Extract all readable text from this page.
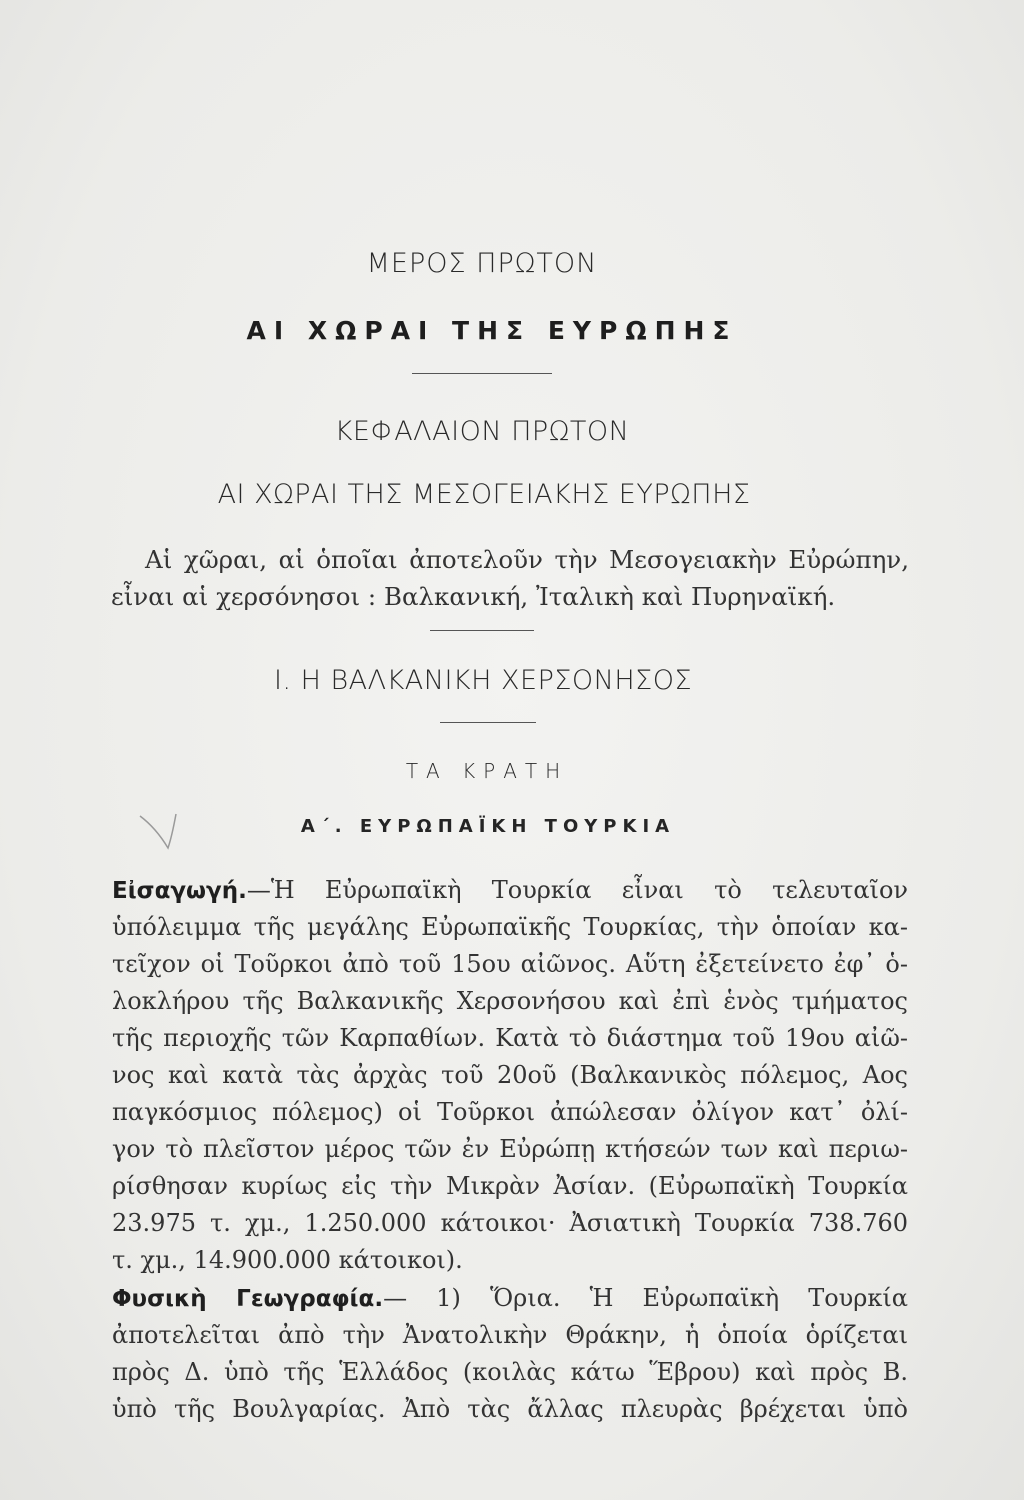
ΜΕΡΟΣ ΠΡΩΤΟΝ
ΑΙ ΧΩΡΑΙ ΤΗΣ ΕΥΡΩΠΗΣ
ΚΕΦΑΛΑΙΟΝ ΠΡΩΤΟΝ
ΑΙ ΧΩΡΑΙ ΤΗΣ ΜΕΣΟΓΕΙΑΚΗΣ ΕΥΡΩΠΗΣ
Αἱ χῶραι, αἱ ὁποῖαι ἀποτελοῦν τὴν Μεσογειακὴν Εὐρώπην,
εἶναι αἱ χερσόνησοι : Βαλκανική, Ἰταλικὴ καὶ Πυρηναϊκή.
Ι. Η ΒΑΛΚΑΝΙΚΗ ΧΕΡΣΟΝΗΣΟΣ
ΤΑ ΚΡΑΤΗ
Α΄. ΕΥΡΩΠΑΪΚΗ ΤΟΥΡΚΙΑ
Εἰσαγωγή.—Ἡ Εὐρωπαϊκὴ Τουρκία εἶναι τὸ τελευταῖον
ὑπόλειμμα τῆς μεγάλης Εὐρωπαϊκῆς Τουρκίας, τὴν ὁποίαν κα-
τεῖχον οἱ Τοῦρκοι ἀπὸ τοῦ 15ου αἰῶνος. Αὕτη ἐξετείνετο ἐφ᾽ ὁ-
λοκλήρου τῆς Βαλκανικῆς Χερσονήσου καὶ ἐπὶ ἑνὸς τμήματος
τῆς περιοχῆς τῶν Καρπαθίων. Κατὰ τὸ διάστημα τοῦ 19ου αἰῶ-
νος καὶ κατὰ τὰς ἀρχὰς τοῦ 20οῦ (Βαλκανικὸς πόλεμος, Αος
παγκόσμιος πόλεμος) οἱ Τοῦρκοι ἀπώλεσαν ὀλίγον κατ᾽ ὀλί-
γον τὸ πλεῖστον μέρος τῶν ἐν Εὐρώπῃ κτήσεών των καὶ περιω-
ρίσθησαν κυρίως εἰς τὴν Μικρὰν Ἀσίαν. (Εὐρωπαϊκὴ Τουρκία
23.975 τ. χμ., 1.250.000 κάτοικοι· Ἀσιατικὴ Τουρκία 738.760
τ. χμ., 14.900.000 κάτοικοι).
Φυσικὴ Γεωγραφία.— 1) Ὅρια. Ἡ Εὐρωπαϊκὴ Τουρκία
ἀποτελεῖται ἀπὸ τὴν Ἀνατολικὴν Θράκην, ἡ ὁποία ὁρίζεται
πρὸς Δ. ὑπὸ τῆς Ἑλλάδος (κοιλὰς κάτω Ἕβρου) καὶ πρὸς Β.
ὑπὸ τῆς Βουλγαρίας. Ἀπὸ τὰς ἄλλας πλευρὰς βρέχεται ὑπὸ
